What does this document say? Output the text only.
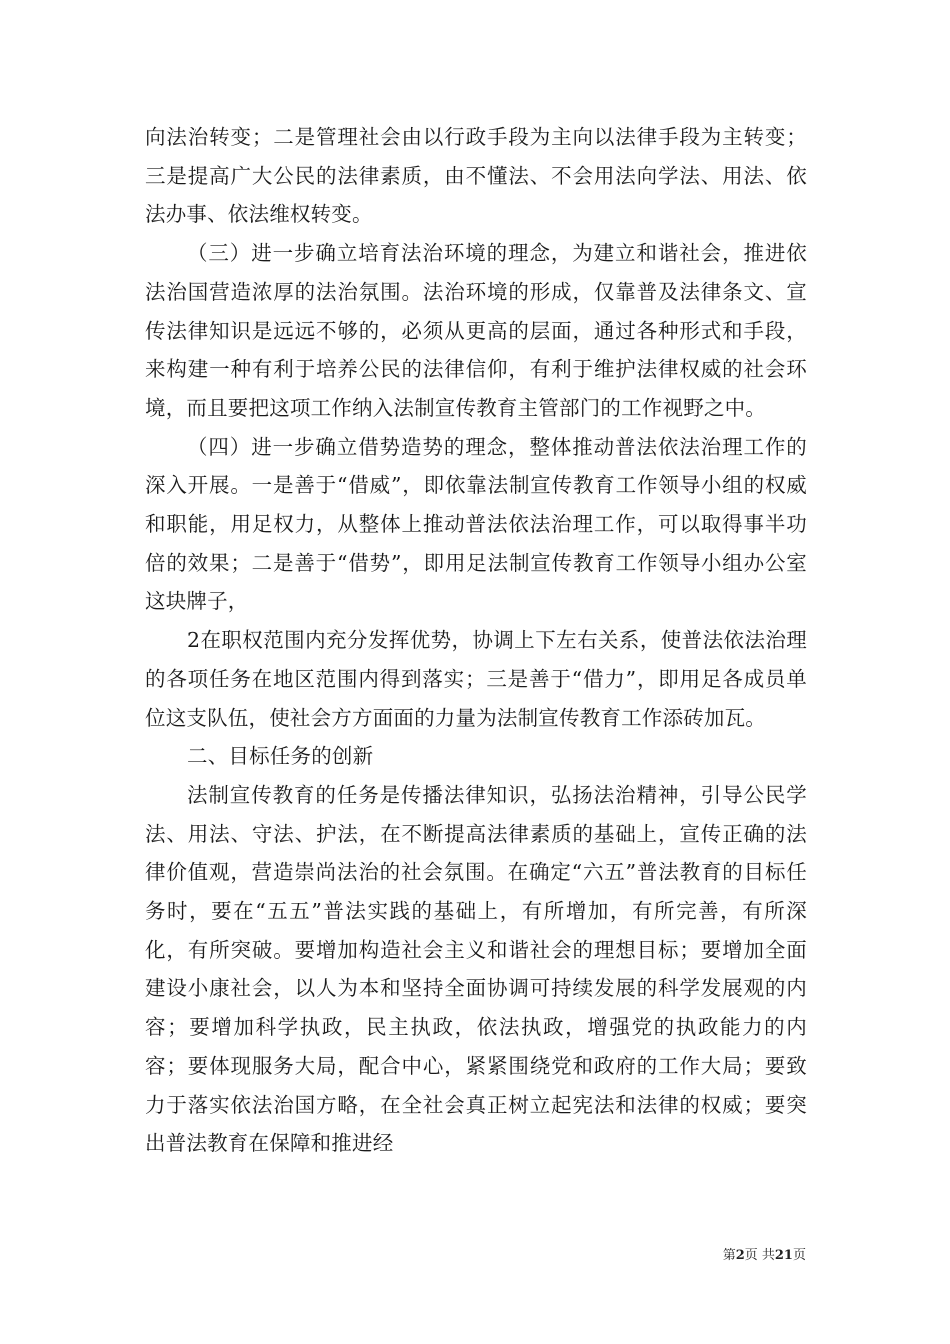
向法治转变；二是管理社会由以行政手段为主向以法律手段为主转变；三是提高广大公民的法律素质，由不懂法、不会用法向学法、用法、依法办事、依法维权转变。

（三）进一步确立培育法治环境的理念，为建立和谐社会，推进依法治国营造浓厚的法治氛围。法治环境的形成，仅靠普及法律条文、宣传法律知识是远远不够的，必须从更高的层面，通过各种形式和手段，来构建一种有利于培养公民的法律信仰，有利于维护法律权威的社会环境，而且要把这项工作纳入法制宣传教育主管部门的工作视野之中。

（四）进一步确立借势造势的理念，整体推动普法依法治理工作的深入开展。一是善于“借威”，即依靠法制宣传教育工作领导小组的权威和职能，用足权力，从整体上推动普法依法治理工作，可以取得事半功倍的效果；二是善于“借势”，即用足法制宣传教育工作领导小组办公室这块牌子，

2在职权范围内充分发挥优势，协调上下左右关系，使普法依法治理的各项任务在地区范围内得到落实；三是善于“借力”，即用足各成员单位这支队伍，使社会方方面面的力量为法制宣传教育工作添砖加瓦。

二、目标任务的创新

法制宣传教育的任务是传播法律知识，弘扬法治精神，引导公民学法、用法、守法、护法，在不断提高法律素质的基础上，宣传正确的法律价值观，营造崇尚法治的社会氛围。在确定“六五”普法教育的目标任务时，要在“五五”普法实践的基础上，有所增加，有所完善，有所深化，有所突破。要增加构造社会主义和谐社会的理想目标；要增加全面建设小康社会，以人为本和坚持全面协调可持续发展的科学发展观的内容；要增加科学执政，民主执政，依法执政，增强党的执政能力的内容；要体现服务大局，配合中心，紧紧围绕党和政府的工作大局；要致力于落实依法治国方略，在全社会真正树立起宪法和法律的权威；要突出普法教育在保障和推进经

第2页 共21页
